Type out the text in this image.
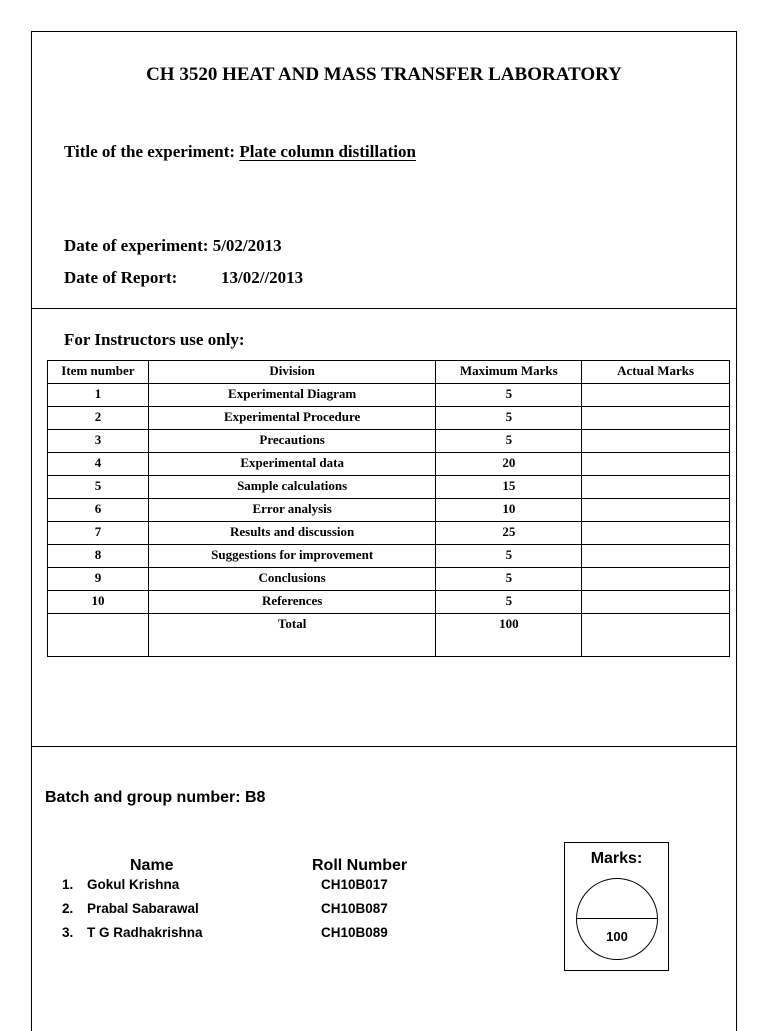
CH 3520 HEAT AND MASS TRANSFER LABORATORY
Title of the experiment: Plate column distillation
Date of experiment: 5/02/2013
Date of Report:	13/02//2013
For Instructors use only:
Item number	Division	Maximum Marks	Actual Marks
1	Experimental Diagram	5	
2	Experimental Procedure	5	
3	Precautions	5	
4	Experimental data	20	
5	Sample calculations	15	
6	Error analysis	10	
7	Results and discussion	25	
8	Suggestions for improvement	5	
9	Conclusions	5	
10	References	5	
	Total	100	
Batch and group number: B8
Name	Roll Number
1. Gokul Krishna	CH10B017
2. Prabal Sabarawal	CH10B087
3. T G Radhakrishna	CH10B089
Marks:
100
